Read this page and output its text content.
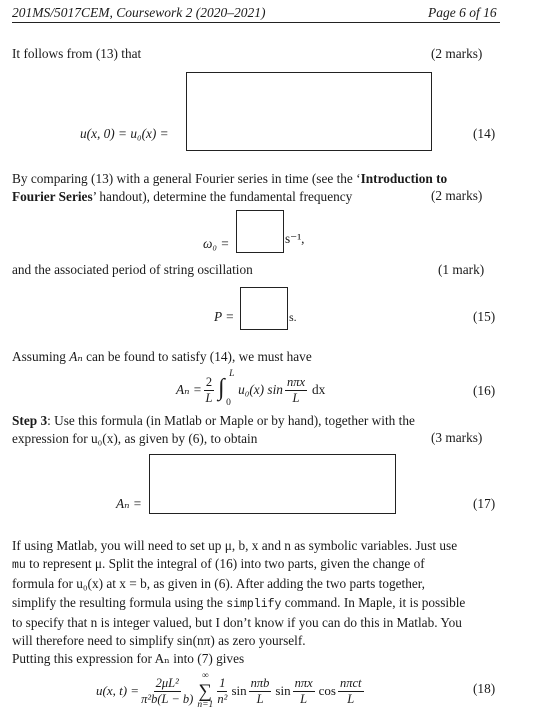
201MS/5017CEM, Coursework 2 (2020–2021)	Page 6 of 16
It follows from (13) that	(2 marks)
u(x, 0) = u₀(x) =	(14)
By comparing (13) with a general Fourier series in time (see the ‘Introduction to
Fourier Series’ handout), determine the fundamental frequency	(2 marks)
ω₀ =	s⁻¹,
and the associated period of string oscillation	(1 mark)
P =	s.	(15)
Assuming Aₙ can be found to satisfy (14), we must have
$A_n = \frac{2}{L}$ ∫
L
0
u₀(x) $\sin \frac{\text{nπx}}{L}$ dx	(16)
Step 3: Use this formula (in Matlab or Maple or by hand), together with the
expression for u₀(x), as given by (6), to obtain	(3 marks)
Aₙ =	(17)
If using Matlab, you will need to set up μ, b, x and n as symbolic variables. Just use
mu to represent μ. Split the integral of (16) into two parts, given the change of
formula for u₀(x) at x = b, as given in (6). After adding the two parts together,
simplify the resulting formula using the simplify command. In Maple, it is possible
to specify that n is integer valued, but I don’t know if you can do this in Matlab. You
will therefore need to simplify sin(nπ) as zero yourself.
Putting this expression for Aₙ into (7) gives
u(x, $t) = \frac{\text{2μL²}}{\text{π²b(L − b)}}$
∞
∑
$n=1 \frac{1}{\text{n²}}$ $\sin \frac{\text{nπb}}{L}$ $\sin \frac{\text{nπx}}{L}$ $\cos \frac{\text{nπct}}{L}$	(18)
